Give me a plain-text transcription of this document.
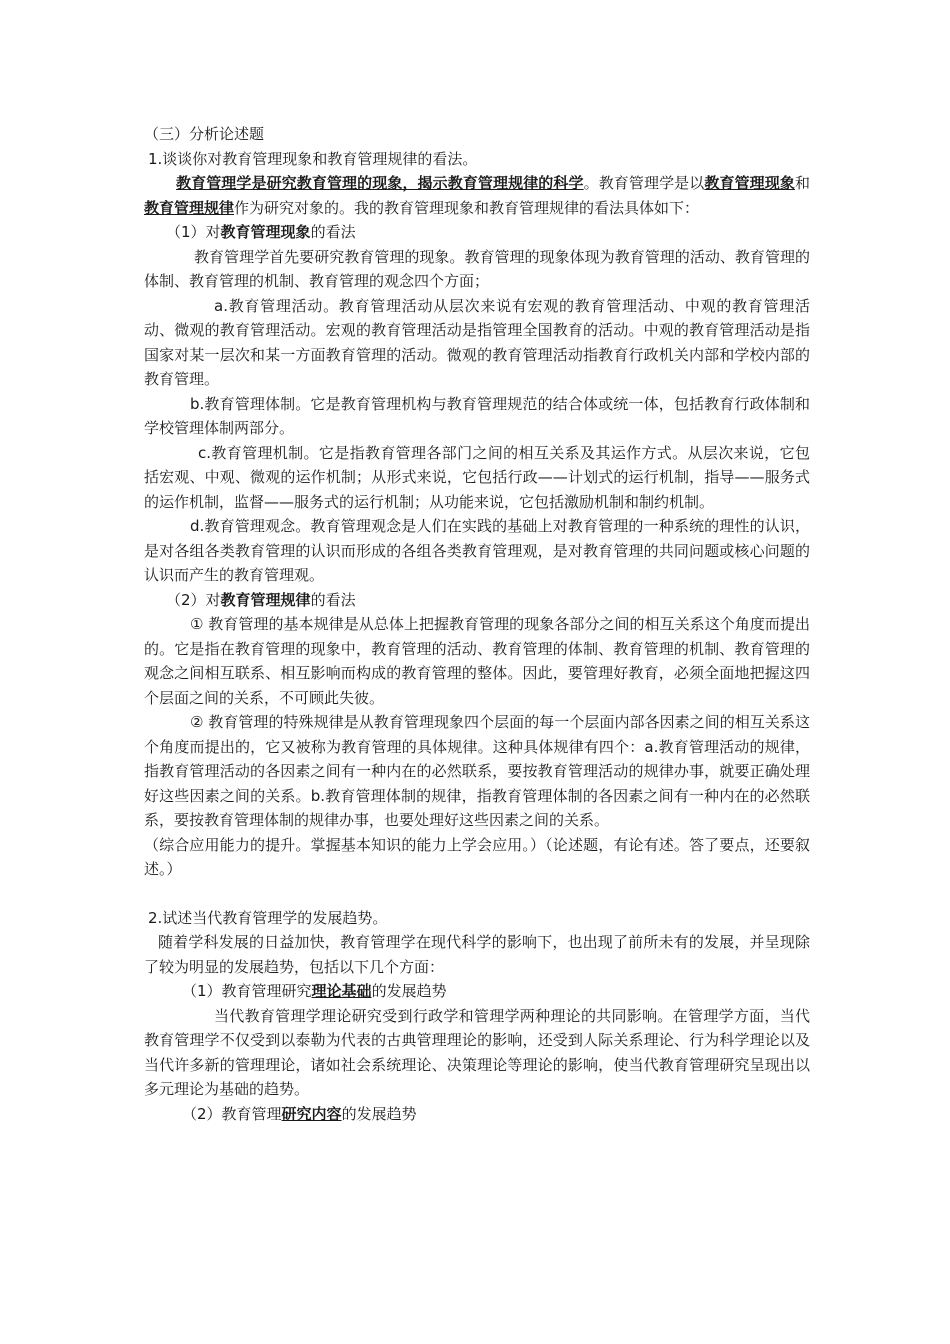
（三）分析论述题

1.谈谈你对教育管理现象和教育管理规律的看法。

教育管理学是研究教育管理的现象，揭示教育管理规律的科学。教育管理学是以教育管理现象和教育管理规律作为研究对象的。我的教育管理现象和教育管理规律的看法具体如下：

（1）对教育管理现象的看法

教育管理学首先要研究教育管理的现象。教育管理的现象体现为教育管理的活动、教育管理的体制、教育管理的机制、教育管理的观念四个方面；

a.教育管理活动。教育管理活动从层次来说有宏观的教育管理活动、中观的教育管理活动、微观的教育管理活动。宏观的教育管理活动是指管理全国教育的活动。中观的教育管理活动是指国家对某一层次和某一方面教育管理的活动。微观的教育管理活动指教育行政机关内部和学校内部的教育管理。

b.教育管理体制。它是教育管理机构与教育管理规范的结合体或统一体，包括教育行政体制和学校管理体制两部分。

c.教育管理机制。它是指教育管理各部门之间的相互关系及其运作方式。从层次来说，它包括宏观、中观、微观的运作机制；从形式来说，它包括行政——计划式的运行机制，指导——服务式的运作机制，监督——服务式的运行机制；从功能来说，它包括激励机制和制约机制。

d.教育管理观念。教育管理观念是人们在实践的基础上对教育管理的一种系统的理性的认识，是对各组各类教育管理的认识而形成的各组各类教育管理观，是对教育管理的共同问题或核心问题的认识而产生的教育管理观。

（2）对教育管理规律的看法

① 教育管理的基本规律是从总体上把握教育管理的现象各部分之间的相互关系这个角度而提出的。它是指在教育管理的现象中，教育管理的活动、教育管理的体制、教育管理的机制、教育管理的观念之间相互联系、相互影响而构成的教育管理的整体。因此，要管理好教育，必须全面地把握这四个层面之间的关系，不可顾此失彼。

② 教育管理的特殊规律是从教育管理现象四个层面的每一个层面内部各因素之间的相互关系这个角度而提出的，它又被称为教育管理的具体规律。这种具体规律有四个：a.教育管理活动的规律，指教育管理活动的各因素之间有一种内在的必然联系，要按教育管理活动的规律办事，就要正确处理好这些因素之间的关系。b.教育管理体制的规律，指教育管理体制的各因素之间有一种内在的必然联系，要按教育管理体制的规律办事，也要处理好这些因素之间的关系。

（综合应用能力的提升。掌握基本知识的能力上学会应用。）（论述题，有论有述。答了要点，还要叙述。）

2.试述当代教育管理学的发展趋势。

随着学科发展的日益加快，教育管理学在现代科学的影响下，也出现了前所未有的发展，并呈现除了较为明显的发展趋势，包括以下几个方面：

（1）教育管理研究理论基础的发展趋势

当代教育管理学理论研究受到行政学和管理学两种理论的共同影响。在管理学方面，当代教育管理学不仅受到以泰勒为代表的古典管理理论的影响，还受到人际关系理论、行为科学理论以及当代许多新的管理理论，诸如社会系统理论、决策理论等理论的影响，使当代教育管理研究呈现出以多元理论为基础的趋势。

（2）教育管理研究内容的发展趋势
